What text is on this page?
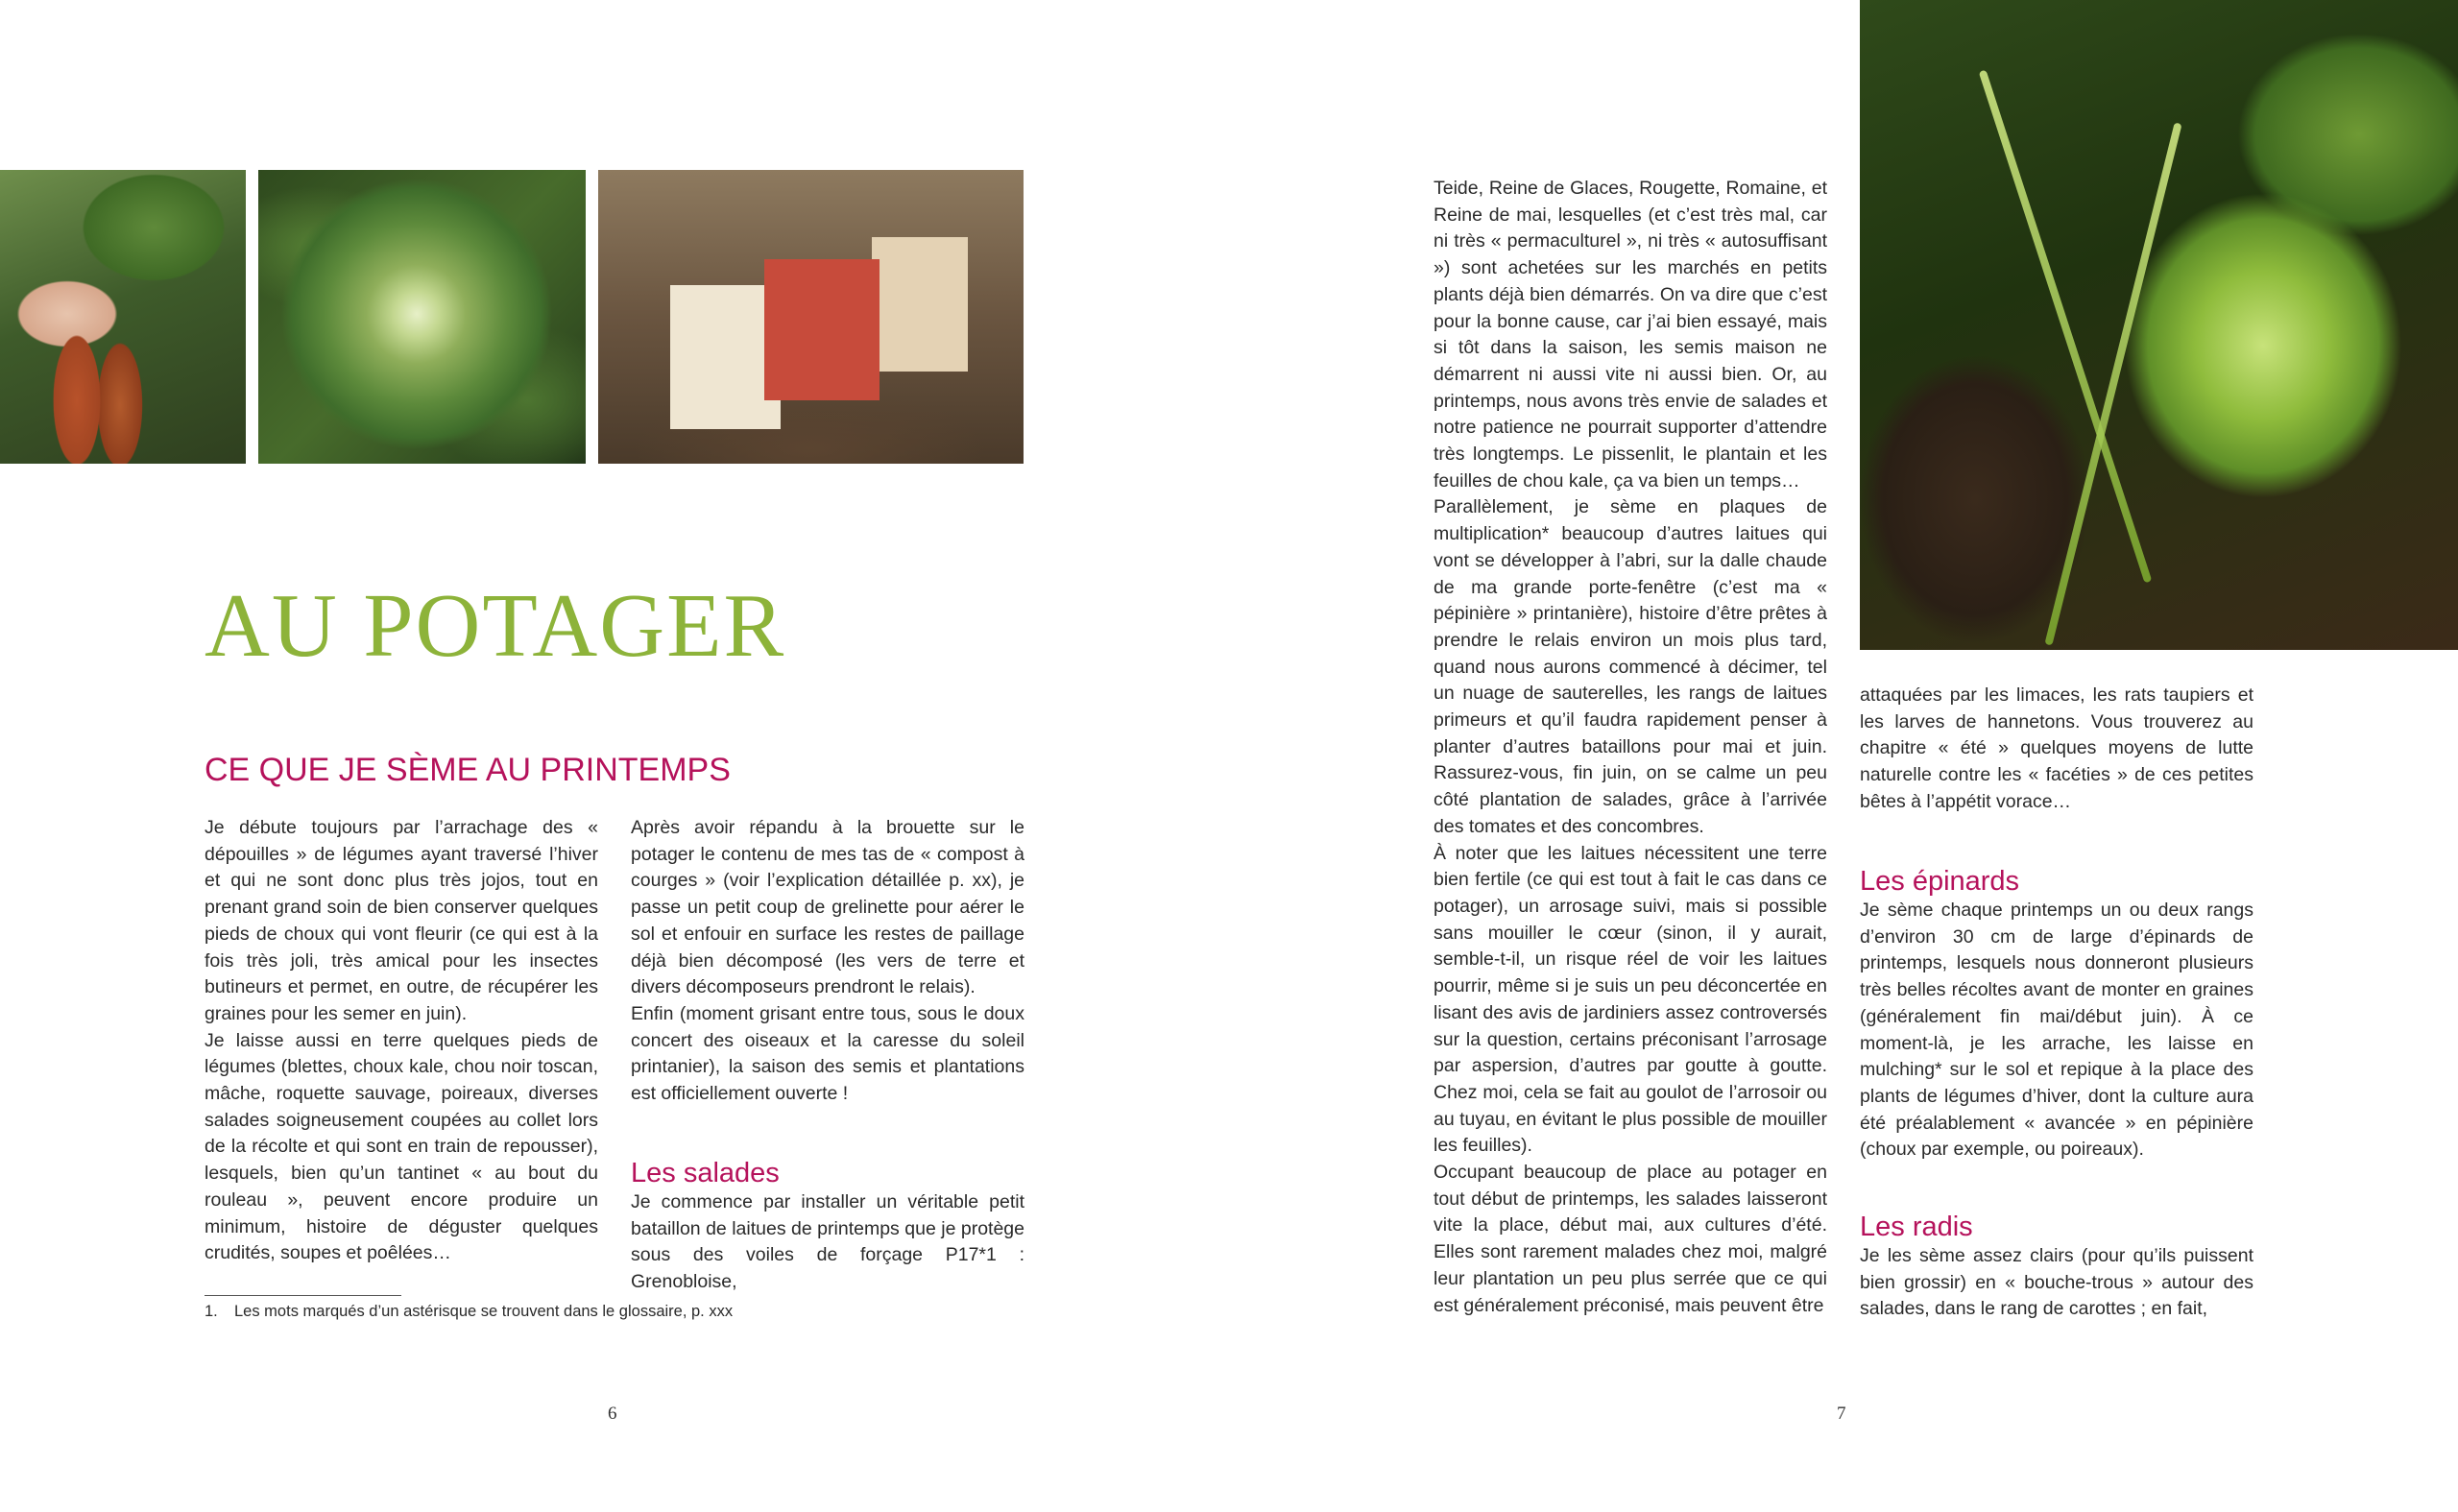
AU POTAGER
CE QUE JE SÈME AU PRINTEMPS

Je débute toujours par l’arrachage des « dépouilles » de légumes ayant traversé l’hiver et qui ne sont donc plus très jojos, tout en prenant grand soin de bien conserver quelques pieds de choux qui vont fleurir (ce qui est à la fois très joli, très amical pour les insectes butineurs et permet, en outre, de récupérer les graines pour les semer en juin).

Je laisse aussi en terre quelques pieds de légumes (blettes, choux kale, chou noir toscan, mâche, roquette sauvage, poireaux, diverses salades soigneusement coupées au collet lors de la récolte et qui sont en train de repousser), lesquels, bien qu’un tantinet « au bout du rouleau », peuvent encore produire un minimum, histoire de déguster quelques crudités, soupes et poêlées…

Après avoir répandu à la brouette sur le potager le contenu de mes tas de « compost à courges » (voir l’explication détaillée p. xx), je passe un petit coup de grelinette pour aérer le sol et enfouir en surface les restes de paillage déjà bien décomposé (les vers de terre et divers décomposeurs prendront le relais).

Enfin (moment grisant entre tous, sous le doux concert des oiseaux et la caresse du soleil printanier), la saison des semis et plantations est officiellement ouverte !

Les salades

Je commence par installer un véritable petit bataillon de laitues de printemps que je protège sous des voiles de forçage P17*1 : Grenobloise,

1. Les mots marqués d’un astérisque se trouvent dans le glossaire, p. xxx
6

Teide, Reine de Glaces, Rougette, Romaine, et Reine de mai, lesquelles (et c’est très mal, car ni très « permaculturel », ni très « autosuffisant ») sont achetées sur les marchés en petits plants déjà bien démarrés. On va dire que c’est pour la bonne cause, car j’ai bien essayé, mais si tôt dans la saison, les semis maison ne démarrent ni aussi vite ni aussi bien. Or, au printemps, nous avons très envie de salades et notre patience ne pourrait supporter d’attendre très longtemps. Le pissenlit, le plantain et les feuilles de chou kale, ça va bien un temps…

Parallèlement, je sème en plaques de multiplication* beaucoup d’autres laitues qui vont se développer à l’abri, sur la dalle chaude de ma grande porte-fenêtre (c’est ma « pépinière » printanière), histoire d’être prêtes à prendre le relais environ un mois plus tard, quand nous aurons commencé à décimer, tel un nuage de sauterelles, les rangs de laitues primeurs et qu’il faudra rapidement penser à planter d’autres bataillons pour mai et juin. Rassurez-vous, fin juin, on se calme un peu côté plantation de salades, grâce à l’arrivée des tomates et des concombres.

À noter que les laitues nécessitent une terre bien fertile (ce qui est tout à fait le cas dans ce potager), un arrosage suivi, mais si possible sans mouiller le cœur (sinon, il y aurait, semble-t-il, un risque réel de voir les laitues pourrir, même si je suis un peu déconcertée en lisant des avis de jardiniers assez controversés sur la question, certains préconisant l’arrosage par aspersion, d’autres par goutte à goutte. Chez moi, cela se fait au goulot de l’arrosoir ou au tuyau, en évitant le plus possible de mouiller les feuilles).

Occupant beaucoup de place au potager en tout début de printemps, les salades laisseront vite la place, début mai, aux cultures d’été. Elles sont rarement malades chez moi, malgré leur plantation un peu plus serrée que ce qui est généralement préconisé, mais peuvent être

attaquées par les limaces, les rats taupiers et les larves de hannetons. Vous trouverez au chapitre « été » quelques moyens de lutte naturelle contre les « facéties » de ces petites bêtes à l’appétit vorace…

Les épinards

Je sème chaque printemps un ou deux rangs d’environ 30 cm de large d’épinards de printemps, lesquels nous donneront plusieurs très belles récoltes avant de monter en graines (généralement fin mai/début juin). À ce moment-là, je les arrache, les laisse en mulching* sur le sol et repique à la place des plants de légumes d’hiver, dont la culture aura été préalablement « avancée » en pépinière (choux par exemple, ou poireaux).

Les radis

Je les sème assez clairs (pour qu’ils puissent bien grossir) en « bouche-trous » autour des salades, dans le rang de carottes ; en fait,

7
